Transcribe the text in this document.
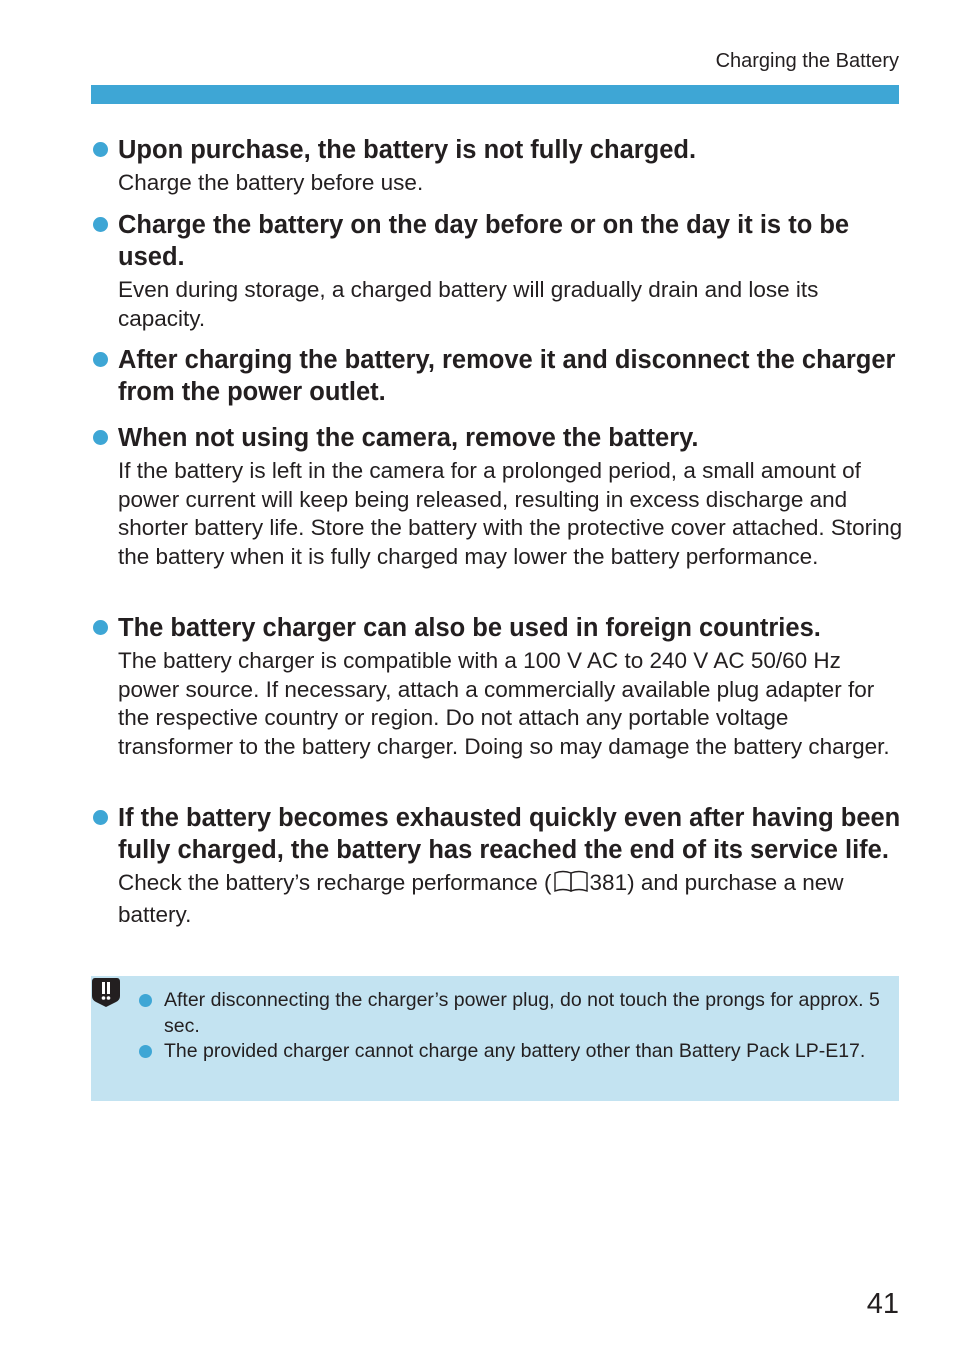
Charging the Battery
Upon purchase, the battery is not fully charged.
Charge the battery before use.
Charge the battery on the day before or on the day it is to be used.
Even during storage, a charged battery will gradually drain and lose its capacity.
After charging the battery, remove it and disconnect the charger from the power outlet.
When not using the camera, remove the battery.
If the battery is left in the camera for a prolonged period, a small amount of power current will keep being released, resulting in excess discharge and shorter battery life. Store the battery with the protective cover attached. Storing the battery when it is fully charged may lower the battery performance.
The battery charger can also be used in foreign countries.
The battery charger is compatible with a 100 V AC to 240 V AC 50/60 Hz power source. If necessary, attach a commercially available plug adapter for the respective country or region. Do not attach any portable voltage transformer to the battery charger. Doing so may damage the battery charger.
If the battery becomes exhausted quickly even after having been fully charged, the battery has reached the end of its service life.
Check the battery’s recharge performance ( 381) and purchase a new battery.
After disconnecting the charger’s power plug, do not touch the prongs for approx. 5 sec.
The provided charger cannot charge any battery other than Battery Pack LP-E17.
41
